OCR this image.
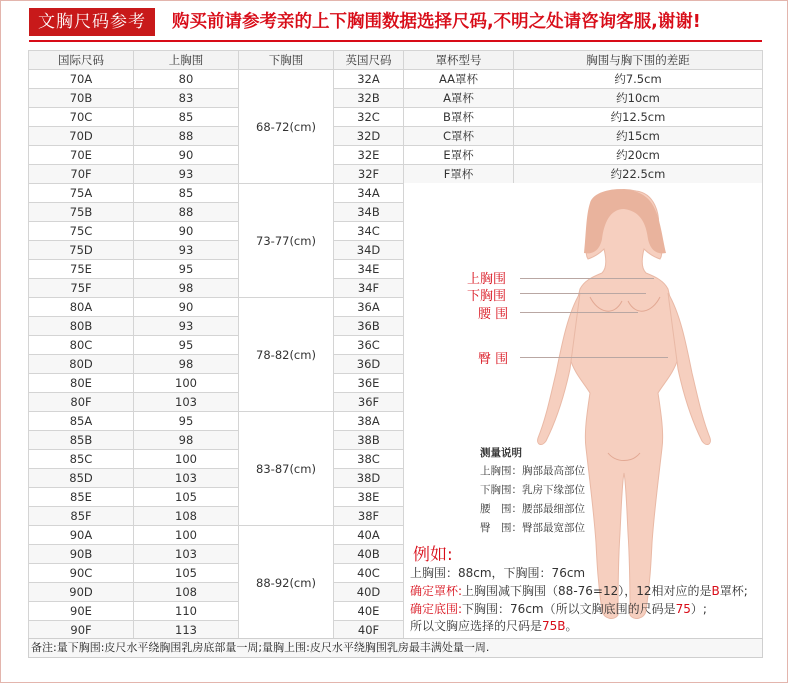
文胸尺码参考	购买前请参考亲的上下胸围数据选择尺码,不明之处请咨询客服,谢谢!
国际尺码	上胸围	下胸围	英国尺码	罩杯型号	胸围与胸下围的差距
70A	80	68-72(cm)	32A	AA罩杯	约7.5cm
70B	83		32B	A罩杯	约10cm
70C	85		32C	B罩杯	约12.5cm
70D	88		32D	C罩杯	约15cm
70E	90		32E	E罩杯	约20cm
70F	93		32F	F罩杯	约22.5cm
75A	85	73-77(cm)	34A		
75B	88		34B		
75C	90		34C		
75D	93		34D		
75E	95		34E		
75F	98		34F		
80A	90	78-82(cm)	36A		
80B	93		36B		
80C	95		36C		
80D	98		36D		
80E	100		36E		
80F	103		36F		
85A	95	83-87(cm)	38A		
85B	98		38B		
85C	100		38C		
85D	103		38D		
85E	105		38E		
85F	108		38F		
90A	100	88-92(cm)	40A		
90B	103		40B		
90C	105		40C		
90D	108		40D		
90E	110		40E		
90F	113		40F		
上胸围
下胸围
腰 围
臀 围
测量说明
上胸围：胸部最高部位
下胸围：乳房下缘部位
腰　围：腰部最细部位
臀　围：臀部最宽部位
例如:
上胸围：88cm，下胸围：76cm
确定罩杯:上胸围减下胸围（88-76=12），12相对应的是B罩杯;
确定底围:下胸围：76cm（所以文胸底围的尺码是75）;
所以文胸应选择的尺码是75B。
备注:量下胸围:皮尺水平绕胸围乳房底部量一周;量胸上围:皮尺水平绕胸围乳房最丰满处量一周.
